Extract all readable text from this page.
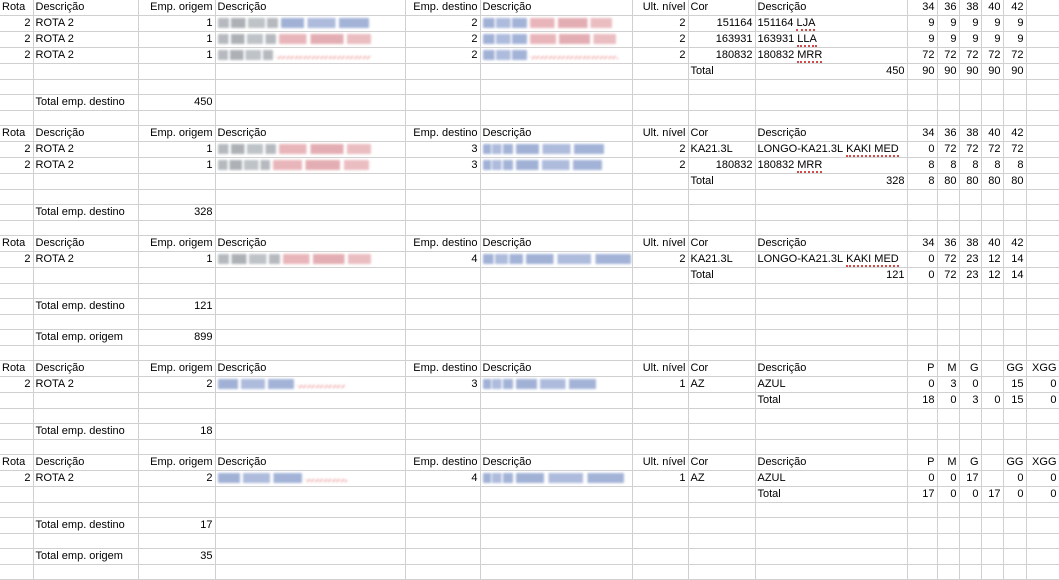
Rota	Descrição	Emp. origem	Descrição	Emp. destino	Descrição	Ult. nível	Cor	Descrição	34	36	38	40	42	
2	ROTA 2	1		2		2	151164	151164 LJA	9	9	9	9	9	
2	ROTA 2	1		2		2	163931	163931 LLA	9	9	9	9	9	
2	ROTA 2	1		2		2	180832	180832 MRR	72	72	72	72	72	
							Total	450	90	90	90	90	90	

	Total emp. destino	450												

Rota	Descrição	Emp. origem	Descrição	Emp. destino	Descrição	Ult. nível	Cor	Descrição	34	36	38	40	42	
2	ROTA 2	1		3		2	KA21.3L	LONGO-KA21.3L KAKI MED	0	72	72	72	72	
2	ROTA 2	1		3		2	180832	180832 MRR	8	8	8	8	8	
							Total	328	8	80	80	80	80	

	Total emp. destino	328												

Rota	Descrição	Emp. origem	Descrição	Emp. destino	Descrição	Ult. nível	Cor	Descrição	34	36	38	40	42	
2	ROTA 2	1		4		2	KA21.3L	LONGO-KA21.3L KAKI MED	0	72	23	12	14	
							Total	121	0	72	23	12	14	

	Total emp. destino	121												

	Total emp. origem	899												

Rota	Descrição	Emp. origem	Descrição	Emp. destino	Descrição	Ult. nível	Cor	Descrição	P	M	G		GG	XGG
2	ROTA 2	2		3		1	AZ	AZUL	0	3	0		15	0
								Total	18	0	3	0	15	0

	Total emp. destino	18												

Rota	Descrição	Emp. origem	Descrição	Emp. destino	Descrição	Ult. nível	Cor	Descrição	P	M	G		GG	XGG
2	ROTA 2	2		4		1	AZ	AZUL	0	0	17		0	0
								Total	17	0	0	17	0	0

	Total emp. destino	17												

	Total emp. origem	35												
